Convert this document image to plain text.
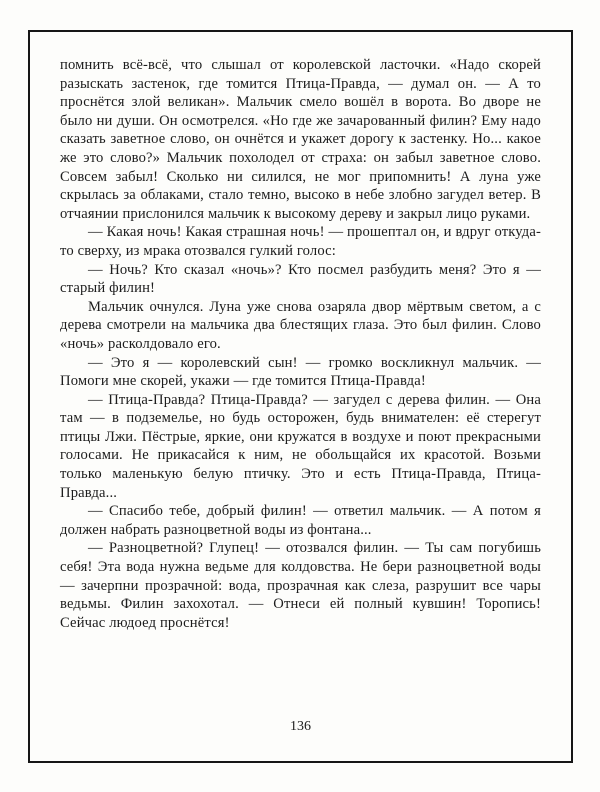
помнить всё-всё, что слышал от королевской ласточки. «Надо скорей разыскать застенок, где томится Птица-Правда, — думал он. — А то проснётся злой великан». Мальчик смело вошёл в ворота. Во дворе не было ни души. Он осмотрелся. «Но где же зачарованный филин? Ему надо сказать заветное слово, он очнётся и укажет дорогу к застенку. Но... какое же это слово?» Мальчик похолодел от страха: он забыл заветное слово. Совсем забыл! Сколько ни силился, не мог припомнить! А луна уже скрылась за облаками, стало темно, высоко в небе злобно загудел ветер. В отчаянии прислонился мальчик к высокому дереву и закрыл лицо руками.

— Какая ночь! Какая страшная ночь! — прошептал он, и вдруг откуда-то сверху, из мрака отозвался гулкий голос:

— Ночь? Кто сказал «ночь»? Кто посмел разбудить меня? Это я — старый филин!

Мальчик очнулся. Луна уже снова озаряла двор мёртвым светом, а с дерева смотрели на мальчика два блестящих глаза. Это был филин. Слово «ночь» расколдовало его.

— Это я — королевский сын! — громко воскликнул мальчик. — Помоги мне скорей, укажи — где томится Птица-Правда!

— Птица-Правда? Птица-Правда? — загудел с дерева филин. — Она там — в подземелье, но будь осторожен, будь внимателен: её стерегут птицы Лжи. Пёстрые, яркие, они кружатся в воздухе и поют прекрасными голосами. Не прикасайся к ним, не обольщайся их красотой. Возьми только маленькую белую птичку. Это и есть Птица-Правда, Птица-Правда...

— Спасибо тебе, добрый филин! — ответил мальчик. — А потом я должен набрать разноцветной воды из фонтана...

— Разноцветной? Глупец! — отозвался филин. — Ты сам погубишь себя! Эта вода нужна ведьме для колдовства. Не бери разноцветной воды — зачерпни прозрачной: вода, прозрачная как слеза, разрушит все чары ведьмы. Филин захохотал. — Отнеси ей полный кувшин! Торопись! Сейчас людоед проснётся!

136
